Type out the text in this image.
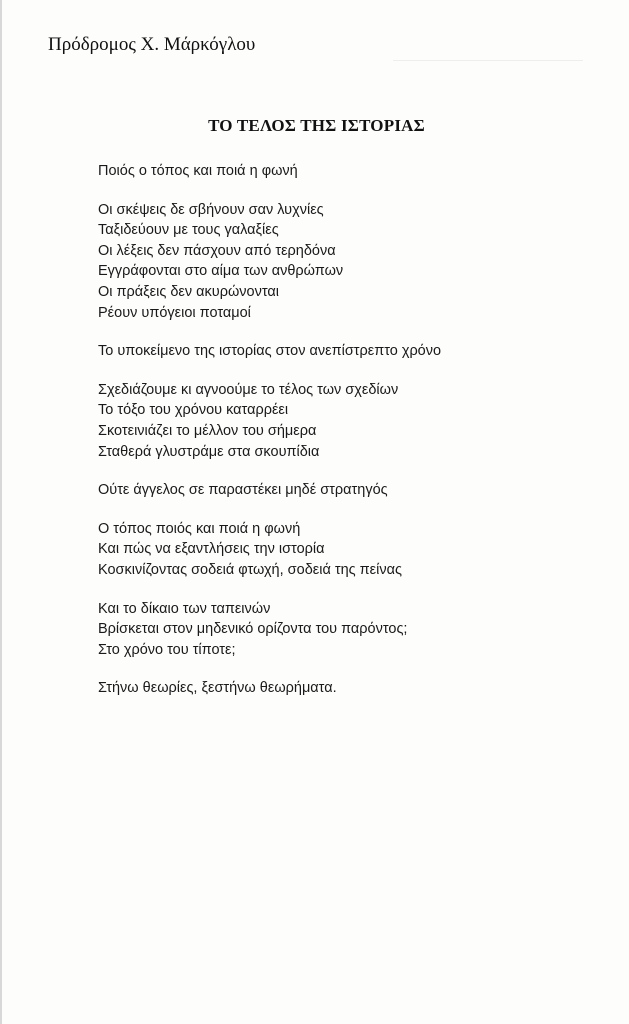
Πρόδρομος Χ. Μάρκόγλου
ΤΟ ΤΕΛΟΣ ΤΗΣ ΙΣΤΟΡΙΑΣ
Ποιός ο τόπος και ποιά η φωνή
Οι σκέψεις δε σβήνουν σαν λυχνίες
Ταξιδεύουν με τους γαλαξίες
Οι λέξεις δεν πάσχουν από τερηδόνα
Εγγράφονται στο αίμα των ανθρώπων
Οι πράξεις δεν ακυρώνονται
Ρέουν υπόγειοι ποταμοί
Το υποκείμενο της ιστορίας στον ανεπίστρεπτο χρόνο
Σχεδιάζουμε κι αγνοούμε το τέλος των σχεδίων
Το τόξο του χρόνου καταρρέει
Σκοτεινιάζει το μέλλον του σήμερα
Σταθερά γλυστράμε στα σκουπίδια
Ούτε άγγελος σε παραστέκει μηδέ στρατηγός
Ο τόπος ποιός και ποιά η φωνή
Και πώς να εξαντλήσεις την ιστορία
Κοσκινίζοντας σοδειά φτωχή, σοδειά της πείνας
Και το δίκαιο των ταπεινών
Βρίσκεται στον μηδενικό ορίζοντα του παρόντος;
Στο χρόνο του τίποτε;
Στήνω θεωρίες, ξεστήνω θεωρήματα.
